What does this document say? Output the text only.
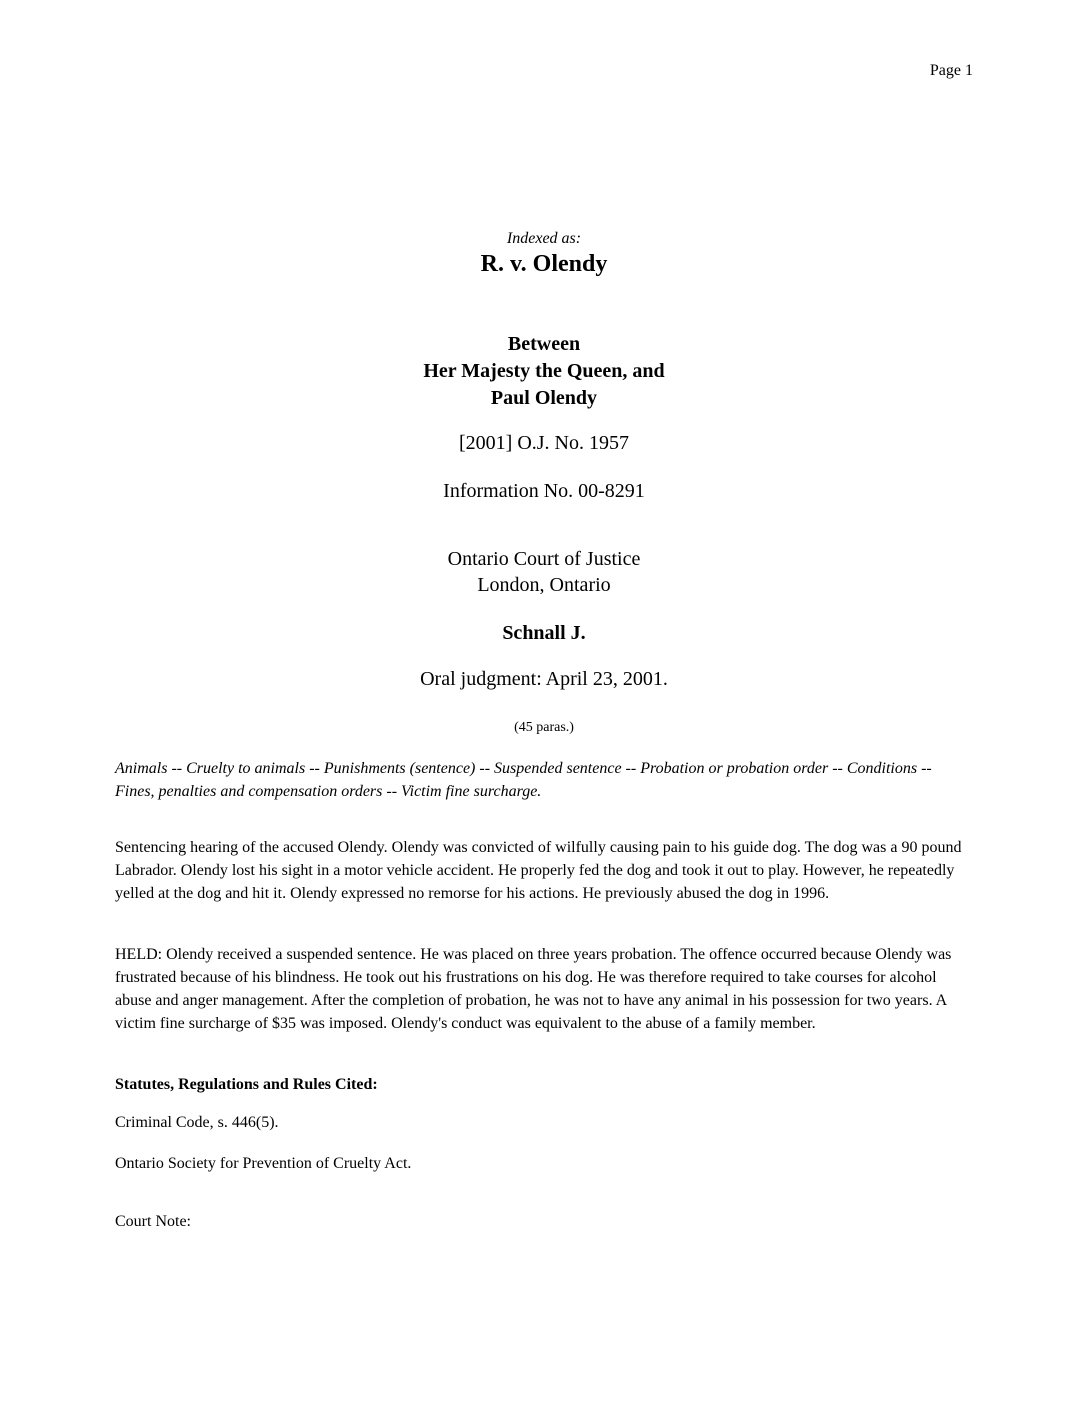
Page 1
Indexed as:
R. v. Olendy
Between
Her Majesty the Queen, and
Paul Olendy
[2001] O.J. No. 1957
Information No. 00-8291
Ontario Court of Justice
London, Ontario
Schnall J.
Oral judgment: April 23, 2001.
(45 paras.)
Animals -- Cruelty to animals -- Punishments (sentence) -- Suspended sentence -- Probation or probation order -- Conditions -- Fines, penalties and compensation orders -- Victim fine surcharge.
Sentencing hearing of the accused Olendy. Olendy was convicted of wilfully causing pain to his guide dog. The dog was a 90 pound Labrador. Olendy lost his sight in a motor vehicle accident. He properly fed the dog and took it out to play. However, he repeatedly yelled at the dog and hit it. Olendy expressed no remorse for his actions. He previously abused the dog in 1996.
HELD: Olendy received a suspended sentence. He was placed on three years probation. The offence occurred because Olendy was frustrated because of his blindness. He took out his frustrations on his dog. He was therefore required to take courses for alcohol abuse and anger management. After the completion of probation, he was not to have any animal in his possession for two years. A victim fine surcharge of $35 was imposed. Olendy's conduct was equivalent to the abuse of a family member.
Statutes, Regulations and Rules Cited:
Criminal Code, s. 446(5).
Ontario Society for Prevention of Cruelty Act.
Court Note:
